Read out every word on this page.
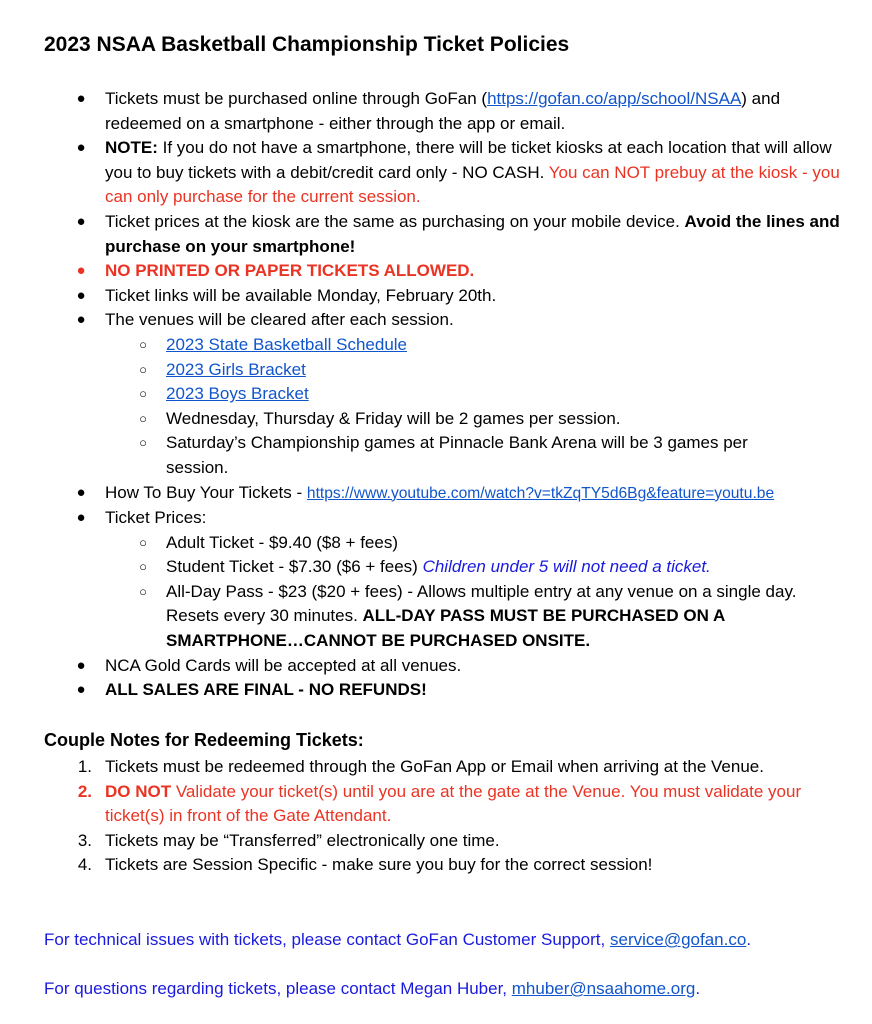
2023 NSAA Basketball Championship Ticket Policies
● Tickets must be purchased online through GoFan (https://gofan.co/app/school/NSAA) and redeemed on a smartphone - either through the app or email.
● NOTE: If you do not have a smartphone, there will be ticket kiosks at each location that will allow you to buy tickets with a debit/credit card only - NO CASH. You can NOT prebuy at the kiosk - you can only purchase for the current session.
● Ticket prices at the kiosk are the same as purchasing on your mobile device. Avoid the lines and purchase on your smartphone!
● NO PRINTED OR PAPER TICKETS ALLOWED.
● Ticket links will be available Monday, February 20th.
● The venues will be cleared after each session.
○ 2023 State Basketball Schedule
○ 2023 Girls Bracket
○ 2023 Boys Bracket
○ Wednesday, Thursday & Friday will be 2 games per session.
○ Saturday’s Championship games at Pinnacle Bank Arena will be 3 games per session.
● How To Buy Your Tickets - https://www.youtube.com/watch?v=tkZqTY5d6Bg&feature=youtu.be
● Ticket Prices:
○ Adult Ticket - $9.40 ($8 + fees)
○ Student Ticket - $7.30 ($6 + fees) Children under 5 will not need a ticket.
○ All-Day Pass - $23 ($20 + fees) - Allows multiple entry at any venue on a single day. Resets every 30 minutes. ALL-DAY PASS MUST BE PURCHASED ON A SMARTPHONE…CANNOT BE PURCHASED ONSITE.
● NCA Gold Cards will be accepted at all venues.
● ALL SALES ARE FINAL - NO REFUNDS!
Couple Notes for Redeeming Tickets:
1. Tickets must be redeemed through the GoFan App or Email when arriving at the Venue.
2. DO NOT Validate your ticket(s) until you are at the gate at the Venue. You must validate your ticket(s) in front of the Gate Attendant.
3. Tickets may be “Transferred” electronically one time.
4. Tickets are Session Specific - make sure you buy for the correct session!

For technical issues with tickets, please contact GoFan Customer Support, service@gofan.co.

For questions regarding tickets, please contact Megan Huber, mhuber@nsaahome.org.
